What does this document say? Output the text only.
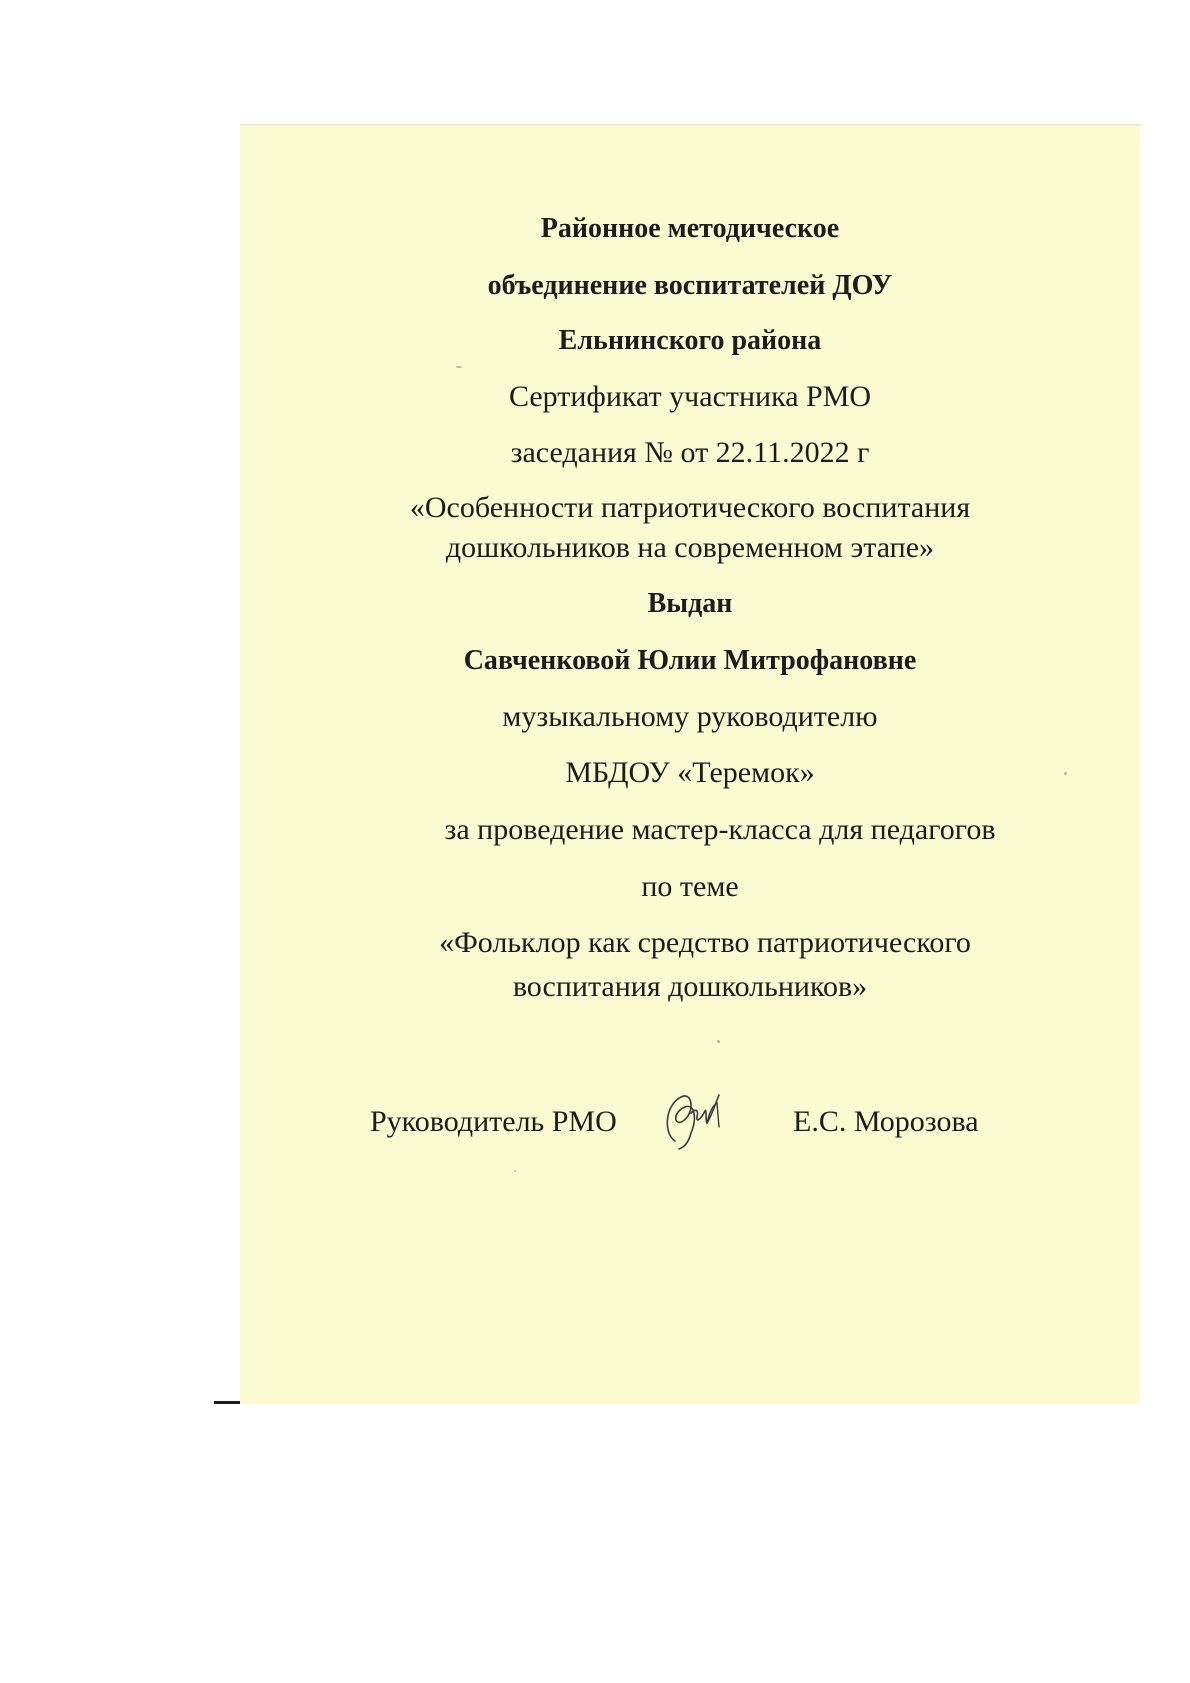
Районное методическое
объединение воспитателей ДОУ
Ельнинского района
Сертификат участника РМО
заседания № от 22.11.2022 г
«Особенности патриотического воспитания
дошкольников на современном этапе»
Выдан
Савченковой Юлии Митрофановне
музыкальному руководителю
МБДОУ «Теремок»
за проведение мастер-класса для педагогов
по теме
«Фольклор как средство патриотического
воспитания дошкольников»
Руководитель РМО	Е.С. Морозова
